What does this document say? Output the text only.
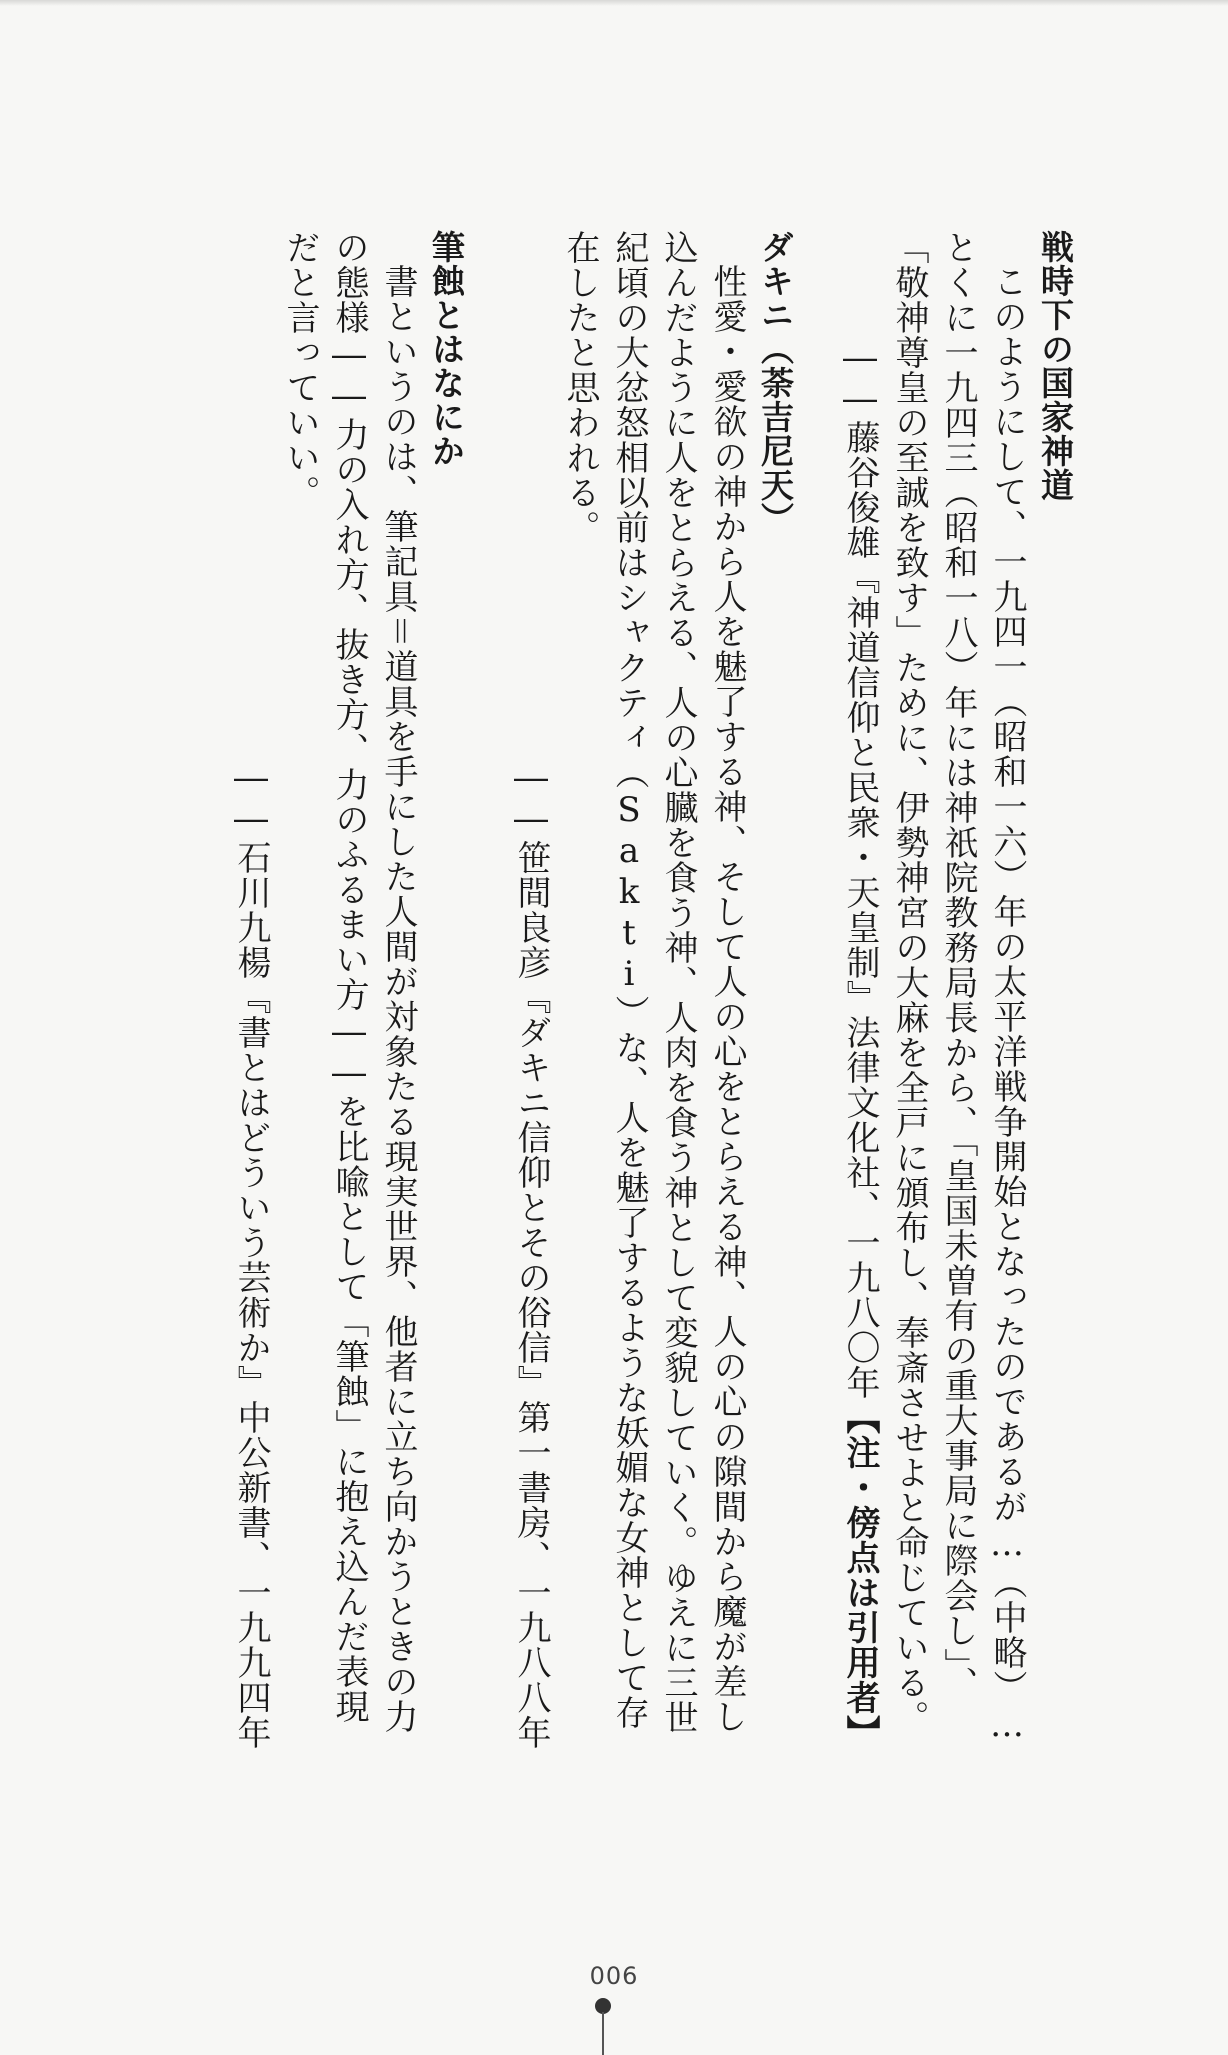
戦時下の国家神道

このようにして、一九四一（昭和一六）年の太平洋戦争開始となったのであるが…（中略）…とくに一九四三（昭和一八）年には神祇院教務局長から、「皇国未曽有の重大事局に際会し」、「敬神尊皇の至誠を致す」ために、伊勢神宮の大麻を全戸に頒布し、奉斎させよと命じている。

――藤谷俊雄『神道信仰と民衆・天皇制』法律文化社、一九八〇年【注・傍点は引用者】

ダキニ（荼吉尼天）

性愛・愛欲の神から人を魅了する神、そして人の心をとらえる神、人の心の隙間から魔が差し込んだように人をとらえる、人の心臓を食う神、人肉を食う神として変貌していく。ゆえに三世紀頃の大忿怒相以前はシャクティ（Sakti）な、人を魅了するような妖媚な女神として存在したと思われる。

――笹間良彦『ダキニ信仰とその俗信』第一書房、一九八八年

筆蝕とはなにか

書というのは、筆記具＝道具を手にした人間が対象たる現実世界、他者に立ち向かうときの力の態様――力の入れ方、抜き方、力のふるまい方――を比喩として「筆蝕」に抱え込んだ表現だと言っていい。

――石川九楊『書とはどういう芸術か』中公新書、一九九四年

006
